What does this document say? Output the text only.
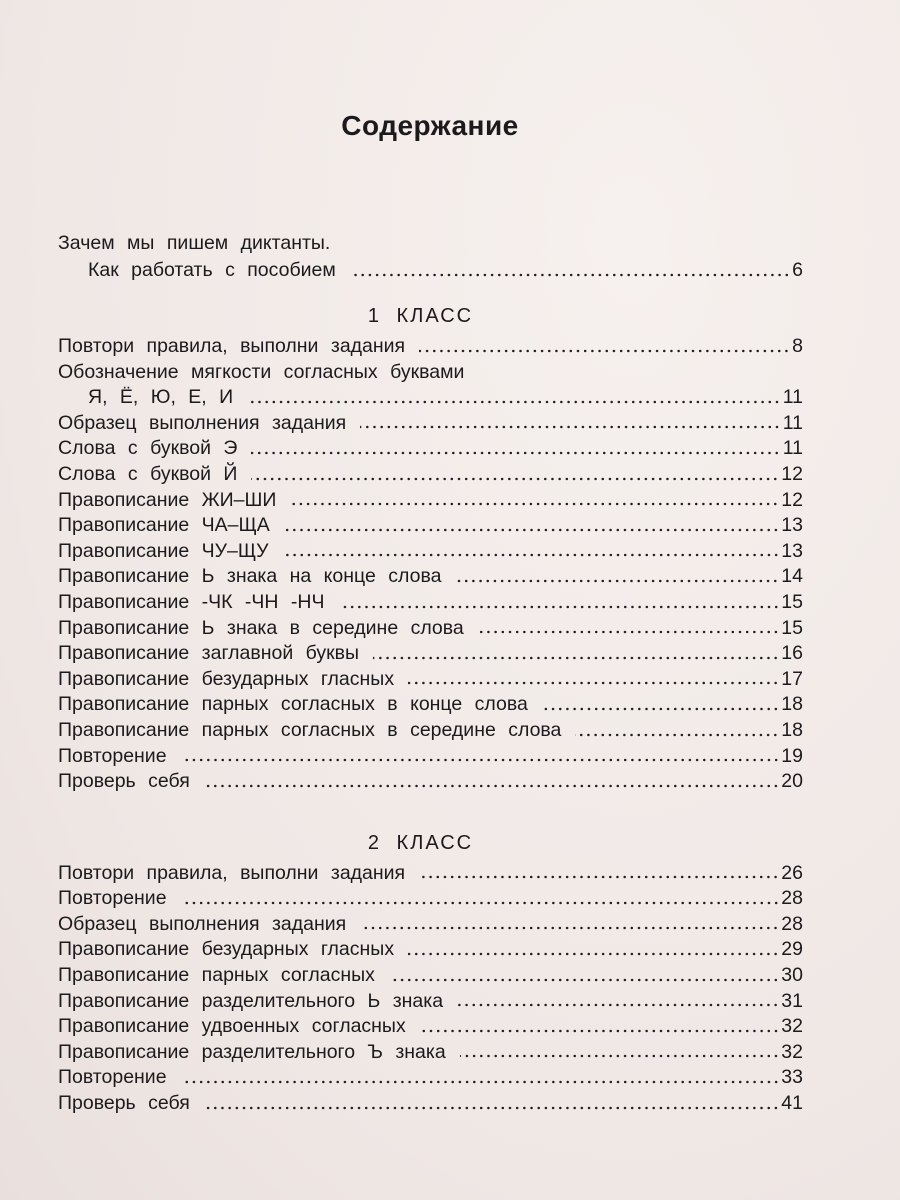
Содержание
Зачем мы пишем диктанты.
Как работать с пособием	6
1 КЛАСС
Повтори правила, выполни задания	8
Обозначение мягкости согласных буквами
Я, Ё, Ю, Е, И	11
Образец выполнения задания	11
Слова с буквой Э	11
Слова с буквой Й	12
Правописание ЖИ–ШИ	12
Правописание ЧА–ЩА	13
Правописание ЧУ–ЩУ	13
Правописание Ь знака на конце слова	14
Правописание -ЧК -ЧН -НЧ	15
Правописание Ь знака в середине слова	15
Правописание заглавной буквы	16
Правописание безударных гласных	17
Правописание парных согласных в конце слова	18
Правописание парных согласных в середине слова	18
Повторение	19
Проверь себя	20
2 КЛАСС
Повтори правила, выполни задания	26
Повторение	28
Образец выполнения задания	28
Правописание безударных гласных	29
Правописание парных согласных	30
Правописание разделительного Ь знака	31
Правописание удвоенных согласных	32
Правописание разделительного Ъ знака	32
Повторение	33
Проверь себя	41
